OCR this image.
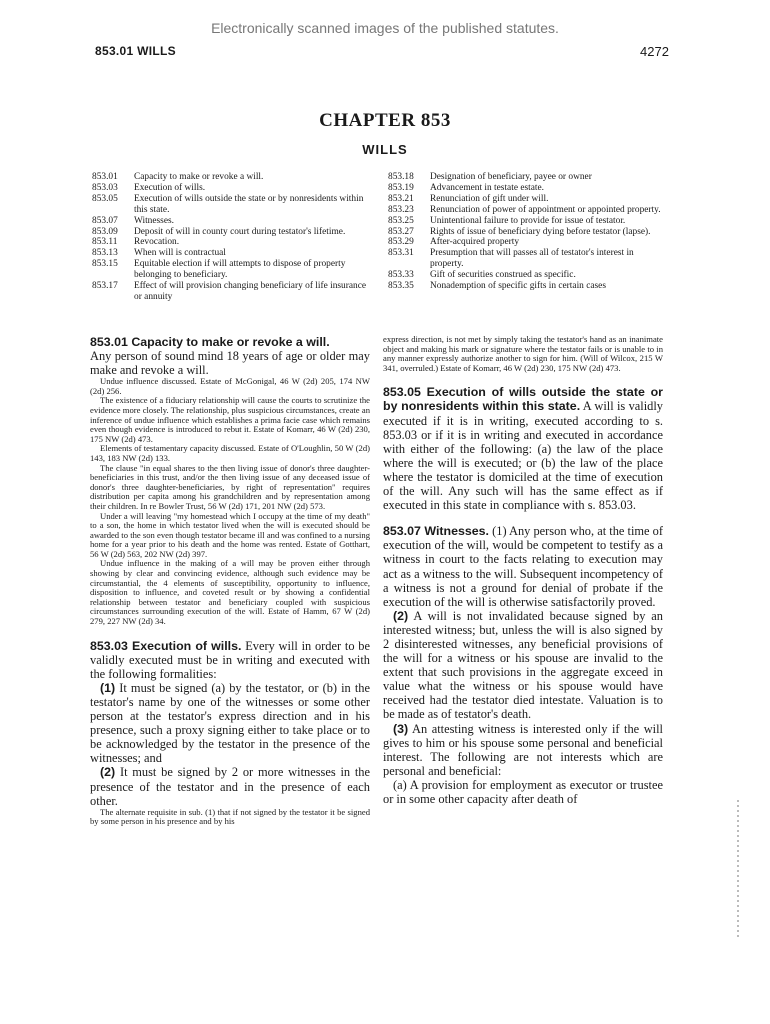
Electronically scanned images of the published statutes.
853.01 WILLS	4272
CHAPTER 853
WILLS
853.01	Capacity to make or revoke a will.
853.03	Execution of wills.
853.05	Execution of wills outside the state or by nonresidents within this state.
853.07	Witnesses.
853.09	Deposit of will in county court during testator's lifetime.
853.11	Revocation.
853.13	When will is contractual
853.15	Equitable election if will attempts to dispose of property belonging to beneficiary.
853.17	Effect of will provision changing beneficiary of life insurance or annuity
853.18	Designation of beneficiary, payee or owner
853.19	Advancement in testate estate.
853.21	Renunciation of gift under will.
853.23	Renunciation of power of appointment or appointed property.
853.25	Unintentional failure to provide for issue of testator.
853.27	Rights of issue of beneficiary dying before testator (lapse).
853.29	After-acquired property
853.31	Presumption that will passes all of testator's interest in property.
853.33	Gift of securities construed as specific.
853.35	Nonademption of specific gifts in certain cases
853.01 Capacity to make or revoke a will.

Any person of sound mind 18 years of age or older may make and revoke a will.

Undue influence discussed. Estate of McGonigal, 46 W (2d) 205, 174 NW (2d) 256.

The existence of a fiduciary relationship will cause the courts to scrutinize the evidence more closely. The relationship, plus suspicious circumstances, create an inference of undue influence which establishes a prima facie case which remains even though evidence is introduced to rebut it. Estate of Komarr, 46 W (2d) 230, 175 NW (2d) 473.

Elements of testamentary capacity discussed. Estate of O'Loughlin, 50 W (2d) 143, 183 NW (2d) 133.

The clause "in equal shares to the then living issue of donor's three daughter-beneficiaries in this trust, and/or the then living issue of any deceased issue of donor's three daughter-beneficiaries, by right of representation" requires distribution per capita among his grandchildren and by representation among their children. In re Bowler Trust, 56 W (2d) 171, 201 NW (2d) 573.

Under a will leaving "my homestead which I occupy at the time of my death" to a son, the home in which testator lived when the will is executed should be awarded to the son even though testator became ill and was confined to a nursing home for a year prior to his death and the home was rented. Estate of Gotthart, 56 W (2d) 563, 202 NW (2d) 397.

Undue influence in the making of a will may be proven either through showing by clear and convincing evidence, although such evidence may be circumstantial, the 4 elements of susceptibility, opportunity to influence, disposition to influence, and coveted result or by showing a confidential relationship between testator and beneficiary coupled with suspicious circumstances surrounding execution of the will. Estate of Hamm, 67 W (2d) 279, 227 NW (2d) 34.

853.03 Execution of wills. Every will in order to be validly executed must be in writing and executed with the following formalities:

(1) It must be signed (a) by the testator, or (b) in the testator's name by one of the witnesses or some other person at the testator's express direction and in his presence, such a proxy signing either to take place or to be acknowledged by the testator in the presence of the witnesses; and

(2) It must be signed by 2 or more witnesses in the presence of the testator and in the presence of each other.

The alternate requisite in sub. (1) that if not signed by the testator it be signed by some person in his presence and by his

express direction, is not met by simply taking the testator's hand as an inanimate object and making his mark or signature where the testator fails or is unable to in any manner expressly authorize another to sign for him. (Will of Wilcox, 215 W 341, overruled.) Estate of Komarr, 46 W (2d) 230, 175 NW (2d) 473.

853.05 Execution of wills outside the state or by nonresidents within this state. A will is validly executed if it is in writing, executed according to s. 853.03 or if it is in writing and executed in accordance with either of the following: (a) the law of the place where the will is executed; or (b) the law of the place where the testator is domiciled at the time of execution of the will. Any such will has the same effect as if executed in this state in compliance with s. 853.03.

853.07 Witnesses. (1) Any person who, at the time of execution of the will, would be competent to testify as a witness in court to the facts relating to execution may act as a witness to the will. Subsequent incompetency of a witness is not a ground for denial of probate if the execution of the will is otherwise satisfactorily proved.

(2) A will is not invalidated because signed by an interested witness; but, unless the will is also signed by 2 disinterested witnesses, any beneficial provisions of the will for a witness or his spouse are invalid to the extent that such provisions in the aggregate exceed in value what the witness or his spouse would have received had the testator died intestate. Valuation is to be made as of testator's death.

(3) An attesting witness is interested only if the will gives to him or his spouse some personal and beneficial interest. The following are not interests which are personal and beneficial:

(a) A provision for employment as executor or trustee or in some other capacity after death of
